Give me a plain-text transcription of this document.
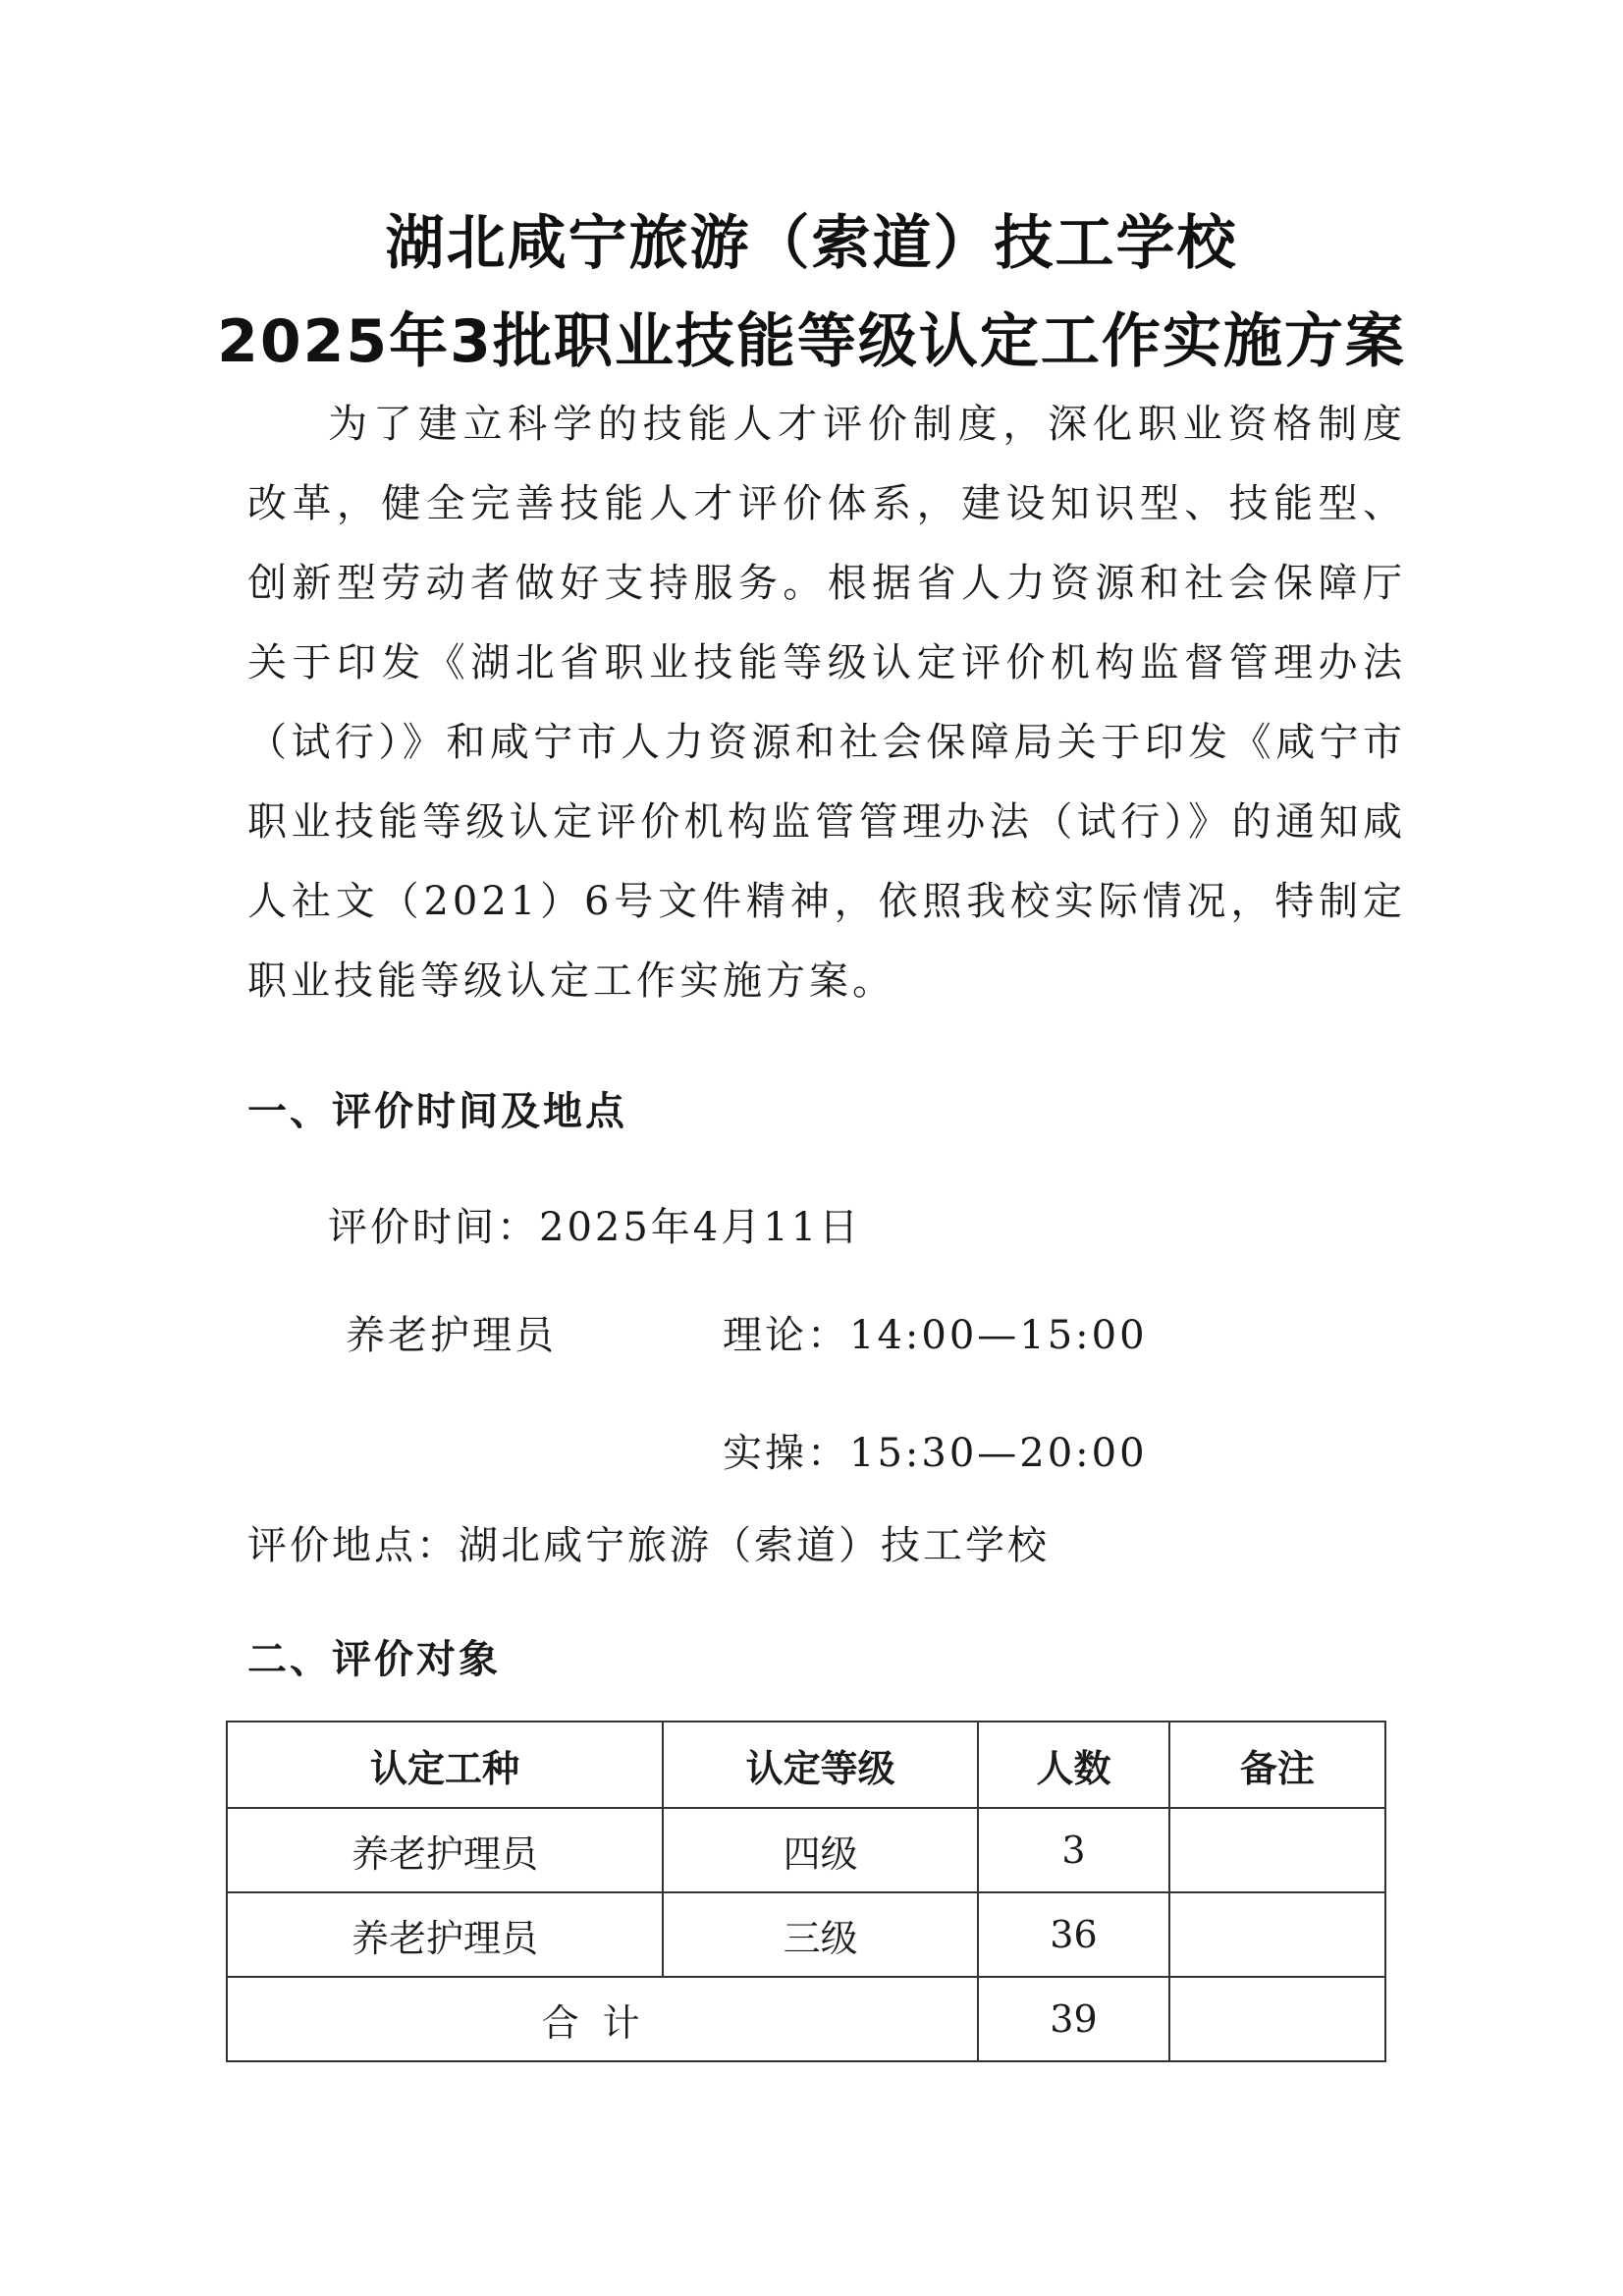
湖北咸宁旅游（索道）技工学校
2025年3批职业技能等级认定工作实施方案
为了建立科学的技能人才评价制度，深化职业资格制度改革，健全完善技能人才评价体系，建设知识型、技能型、创新型劳动者做好支持服务。根据省人力资源和社会保障厅关于印发《湖北省职业技能等级认定评价机构监督管理办法（试行）》和咸宁市人力资源和社会保障局关于印发《咸宁市职业技能等级认定评价机构监管管理办法（试行）》的通知咸人社文（2021）6号文件精神，依照我校实际情况，特制定职业技能等级认定工作实施方案。
一、评价时间及地点
评价时间：2025年4月11日
养老护理员	理论：14:00—15:00
实操：15:30—20:00
评价地点：湖北咸宁旅游（索道）技工学校
二、评价对象
认定工种	认定等级	人数	备注
养老护理员	四级	3	
养老护理员	三级	36	
合计		39	
